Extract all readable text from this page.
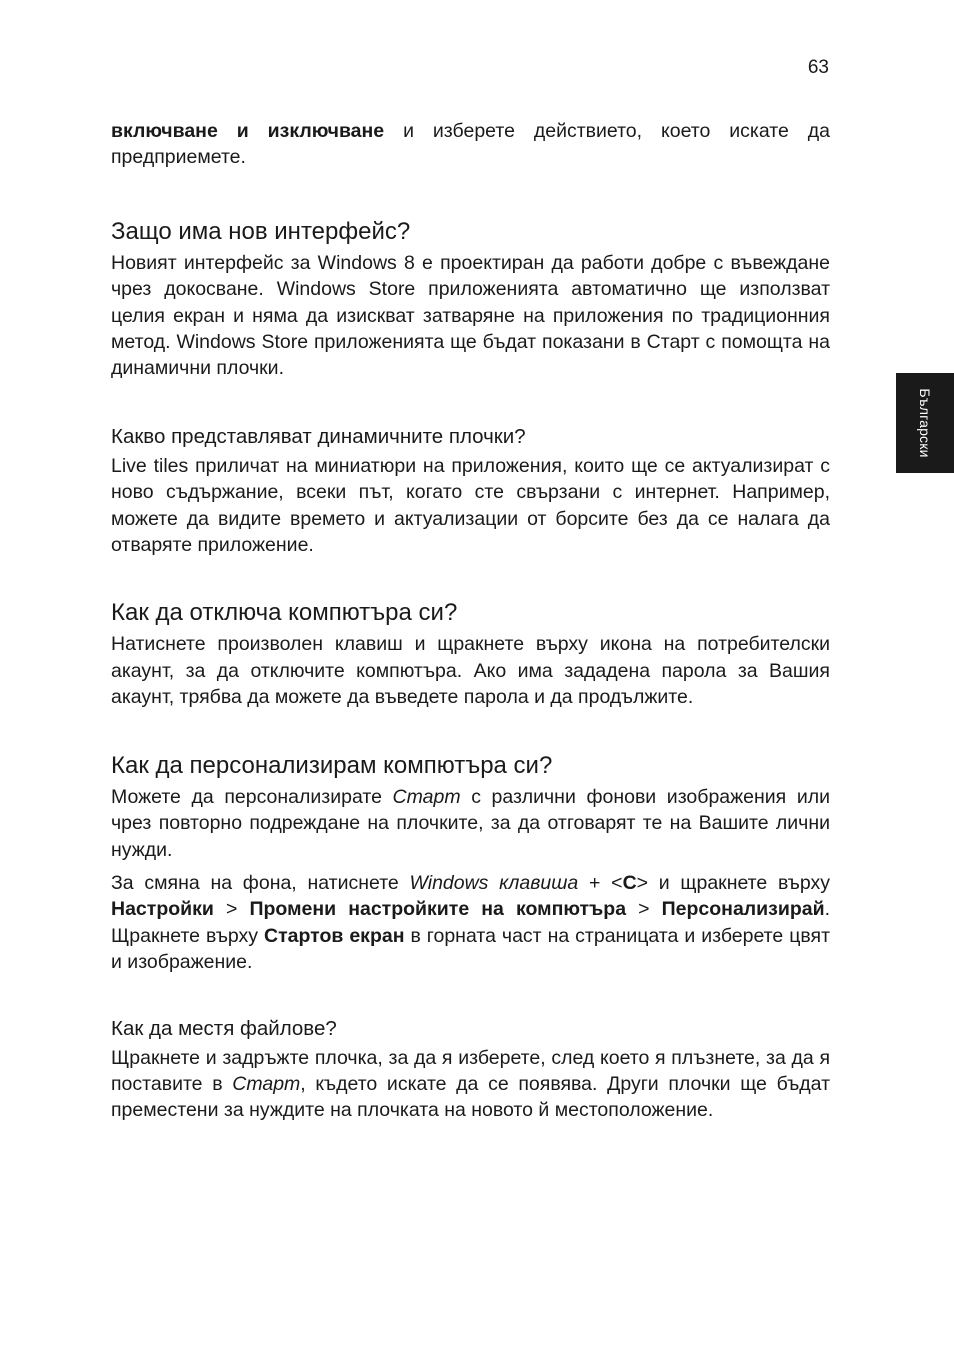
63
Български

включване и изключване и изберете действието, което искате да предприемете.

Защо има нов интерфейс?

Новият интерфейс за Windows 8 е проектиран да работи добре с въвеждане чрез докосване. Windows Store приложенията автоматично ще използват целия екран и няма да изискват затваряне на приложения по традиционния метод. Windows Store приложенията ще бъдат показани в Старт с помощта на динамични плочки.

Какво представляват динамичните плочки?

Live tiles приличат на миниатюри на приложения, които ще се актуализират с ново съдържание, всеки път, когато сте свързани с интернет. Например, можете да видите времето и актуализации от борсите без да се налага да отваряте приложение.

Как да отключа компютъра си?

Натиснете произволен клавиш и щракнете върху икона на потребителски акаунт, за да отключите компютъра. Ако има зададена парола за Вашия акаунт, трябва да можете да въведете парола и да продължите.

Как да персонализирам компютъра си?

Можете да персонализирате Старт с различни фонови изображения или чрез повторно подреждане на плочките, за да отговарят те на Вашите лични нужди.

За смяна на фона, натиснете Windows клавиша + <C> и щракнете върху Настройки > Промени настройките на компютъра > Персонализирай. Щракнете върху Стартов екран в горната част на страницата и изберете цвят и изображение.

Как да местя файлове?

Щракнете и задръжте плочка, за да я изберете, след което я плъзнете, за да я поставите в Старт, където искате да се появява. Други плочки ще бъдат преместени за нуждите на плочката на новото й местоположение.
